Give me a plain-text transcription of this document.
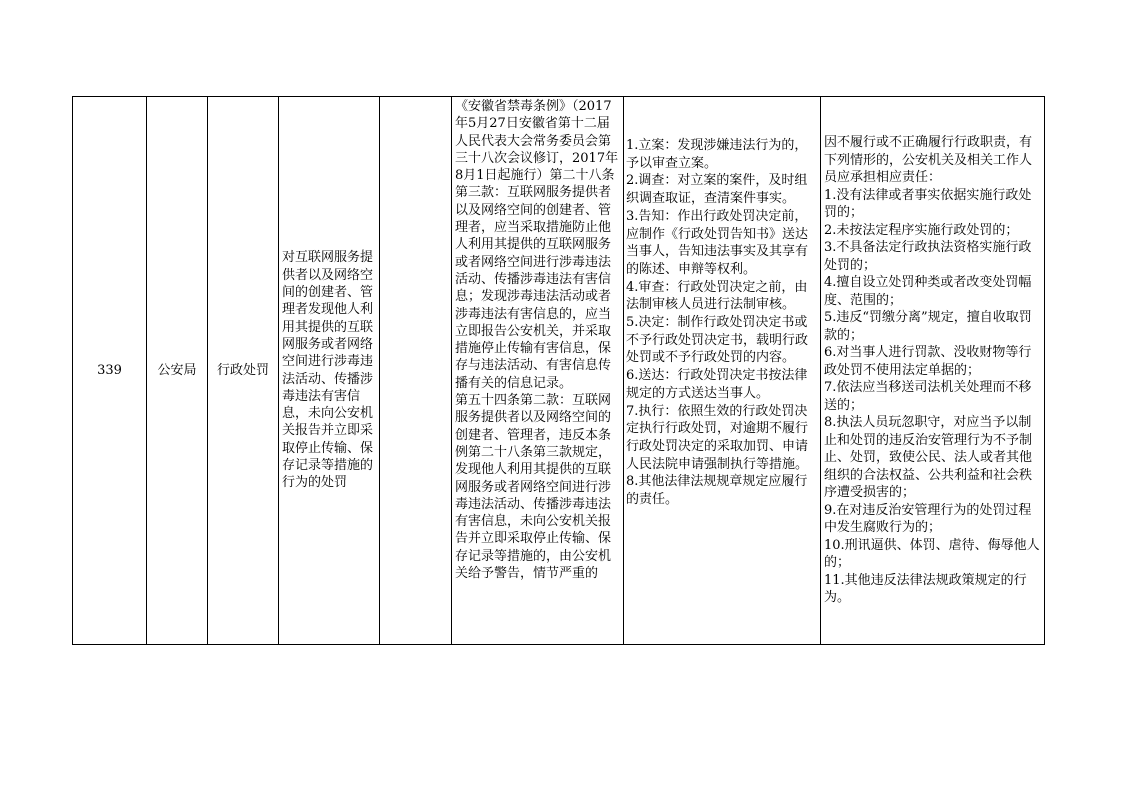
339	公安局 行政处罚
对互联网服务提供者以及网络空间的创建者、管理者发现他人利用其提供的互联网服务或者网络空间进行涉毒违法活动、传播涉毒违法有害信息，未向公安机关报告并立即采取停止传输、保存记录等措施的行为的处罚

《安徽省禁毒条例》（2017年5月27日安徽省第十二届人民代表大会常务委员会第三十八次会议修订，2017年8月1日起施行）第二十八条第三款：互联网服务提供者以及网络空间的创建者、管理者，应当采取措施防止他人利用其提供的互联网服务或者网络空间进行涉毒违法活动、传播涉毒违法有害信息；发现涉毒违法活动或者涉毒违法有害信息的，应当立即报告公安机关，并采取措施停止传输有害信息，保存与违法活动、有害信息传播有关的信息记录。

第五十四条第二款：互联网服务提供者以及网络空间的创建者、管理者，违反本条例第二十八条第三款规定，发现他人利用其提供的互联网服务或者网络空间进行涉毒违法活动、传播涉毒违法有害信息，未向公安机关报告并立即采取停止传输、保存记录等措施的，由公安机关给予警告，情节严重的

1.立案：发现涉嫌违法行为的，予以审查立案。

2.调查：对立案的案件，及时组织调查取证，查清案件事实。

3.告知：作出行政处罚决定前，应制作《行政处罚告知书》送达当事人，告知违法事实及其享有的陈述、申辩等权利。

4.审查：行政处罚决定之前，由法制审核人员进行法制审核。

5.决定：制作行政处罚决定书或不予行政处罚决定书，载明行政处罚或不予行政处罚的内容。

6.送达：行政处罚决定书按法律规定的方式送达当事人。

7.执行：依照生效的行政处罚决定执行行政处罚，对逾期不履行行政处罚决定的采取加罚、申请人民法院申请强制执行等措施。

8.其他法律法规规章规定应履行的责任。

因不履行或不正确履行行政职责，有下列情形的，公安机关及相关工作人员应承担相应责任：

1.没有法律或者事实依据实施行政处罚的；

2.未按法定程序实施行政处罚的；

3.不具备法定行政执法资格实施行政处罚的；

4.擅自设立处罚种类或者改变处罚幅度、范围的；

5.违反“罚缴分离”规定，擅自收取罚款的；

6.对当事人进行罚款、没收财物等行政处罚不使用法定单据的；

7.依法应当移送司法机关处理而不移送的；

8.执法人员玩忽职守，对应当予以制止和处罚的违反治安管理行为不予制止、处罚，致使公民、法人或者其他组织的合法权益、公共利益和社会秩序遭受损害的；

9.在对违反治安管理行为的处罚过程中发生腐败行为的；

10.刑讯逼供、体罚、虐待、侮辱他人的；

11.其他违反法律法规政策规定的行为。
